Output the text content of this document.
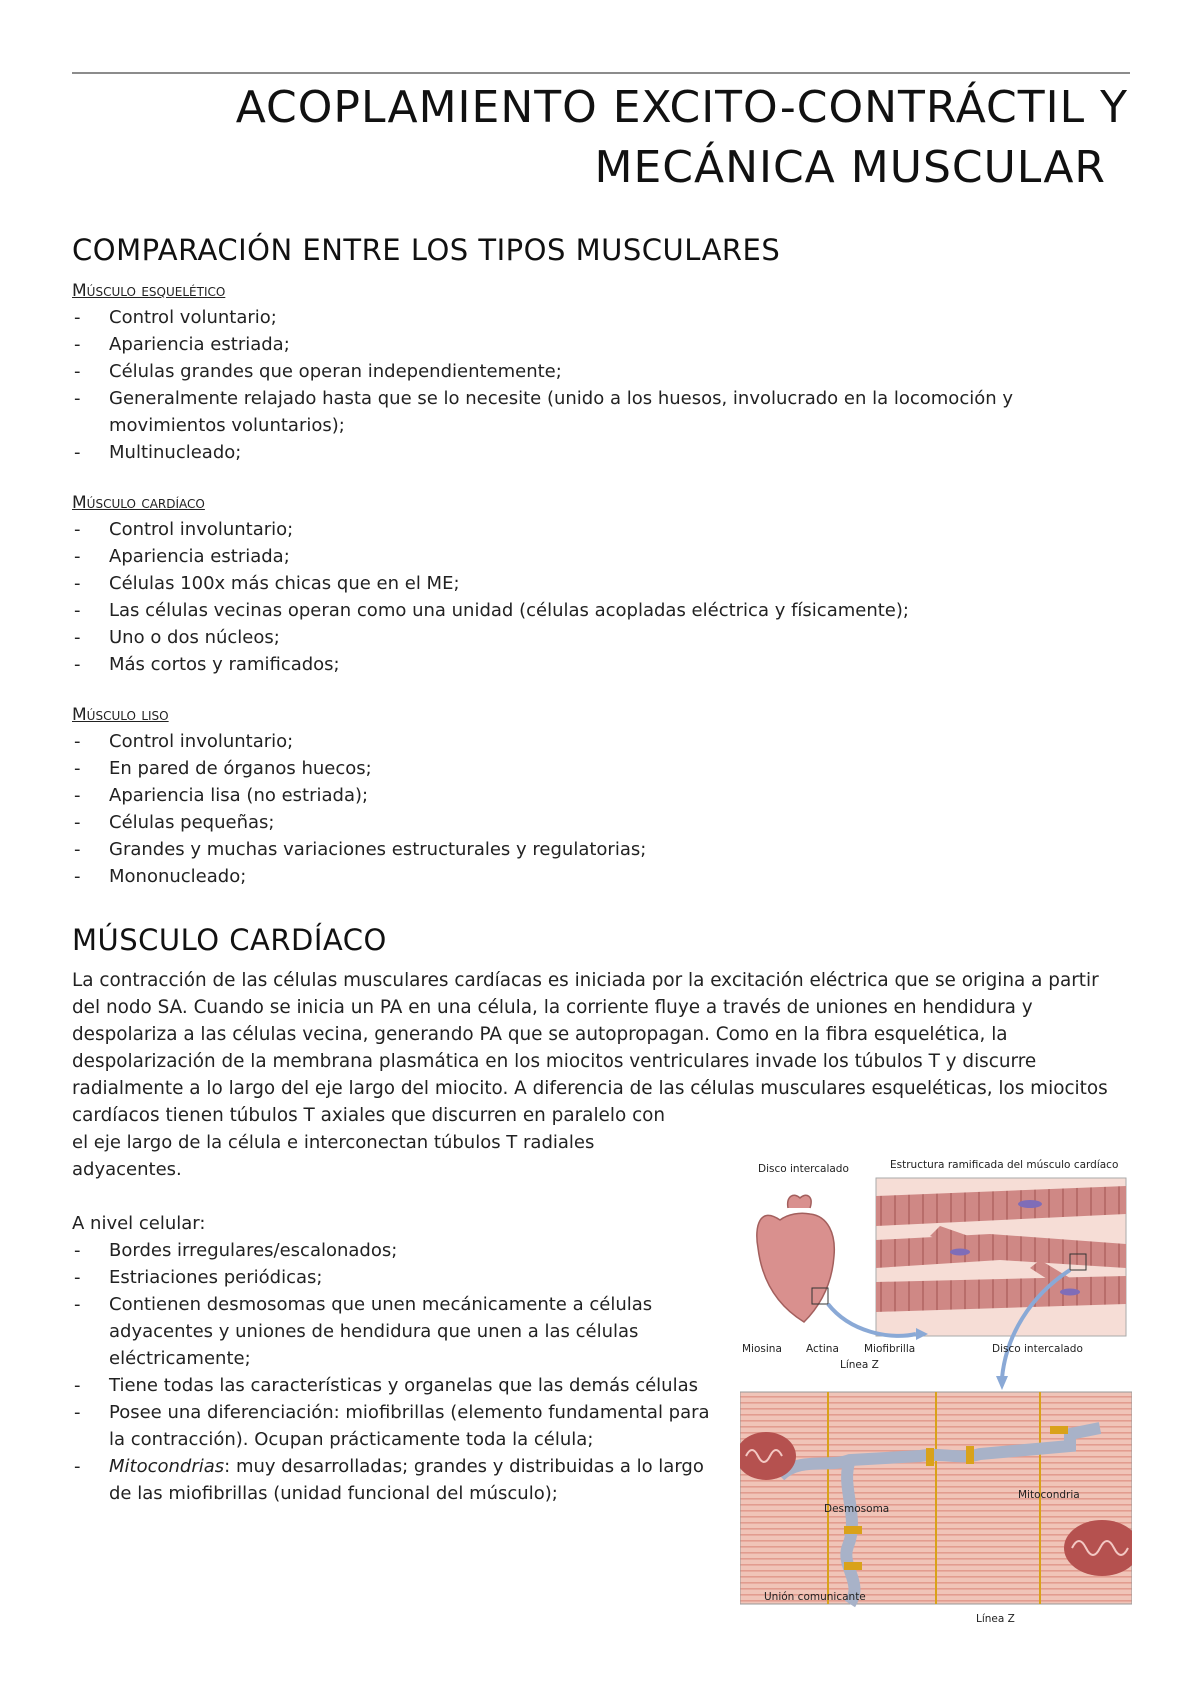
ACOPLAMIENTO EXCITO-CONTRÁCTIL Y
MECÁNICA MUSCULAR
COMPARACIÓN ENTRE LOS TIPOS MUSCULARES
Músculo esquelético
- Control voluntario;
- Apariencia estriada;
- Células grandes que operan independientemente;
- Generalmente relajado hasta que se lo necesite (unido a los huesos, involucrado en la locomoción y movimientos voluntarios);
- Multinucleado;
Músculo cardíaco
- Control involuntario;
- Apariencia estriada;
- Células 100x más chicas que en el ME;
- Las células vecinas operan como una unidad (células acopladas eléctrica y físicamente);
- Uno o dos núcleos;
- Más cortos y ramificados;
Músculo liso
- Control involuntario;
- En pared de órganos huecos;
- Apariencia lisa (no estriada);
- Células pequeñas;
- Grandes y muchas variaciones estructurales y regulatorias;
- Mononucleado;
MÚSCULO CARDÍACO

La contracción de las células musculares cardíacas es iniciada por la excitación eléctrica que se origina a partir del nodo SA. Cuando se inicia un PA en una célula, la corriente fluye a través de uniones en hendidura y despolariza a las células vecina, generando PA que se autopropagan. Como en la fibra esquelética, la despolarización de la membrana plasmática en los miocitos ventriculares invade los túbulos T y discurre radialmente a lo largo del eje largo del miocito. A diferencia de las células musculares esqueléticas, los miocitos cardíacos tienen túbulos T axiales que discurren en paralelo con

el eje largo de la célula e interconectan túbulos T radiales
adyacentes.
A nivel celular:
- Bordes irregulares/escalonados;
- Estriaciones periódicas;
- Contienen desmosomas que unen mecánicamente a células adyacentes y uniones de hendidura que unen a las células eléctricamente;
- Tiene todas las características y organelas que las demás células
- Posee una diferenciación: miofibrillas (elemento fundamental para la contracción). Ocupan prácticamente toda la célula;
- Mitocondrias: muy desarrolladas; grandes y distribuidas a lo largo de las miofibrillas (unidad funcional del músculo);
Disco intercalado	Estructura ramificada del músculo cardíaco
Miosina Actina Miofibrilla	Disco intercalado
Línea Z
Desmosoma
Mitocondria
Unión comunicante
Línea Z
